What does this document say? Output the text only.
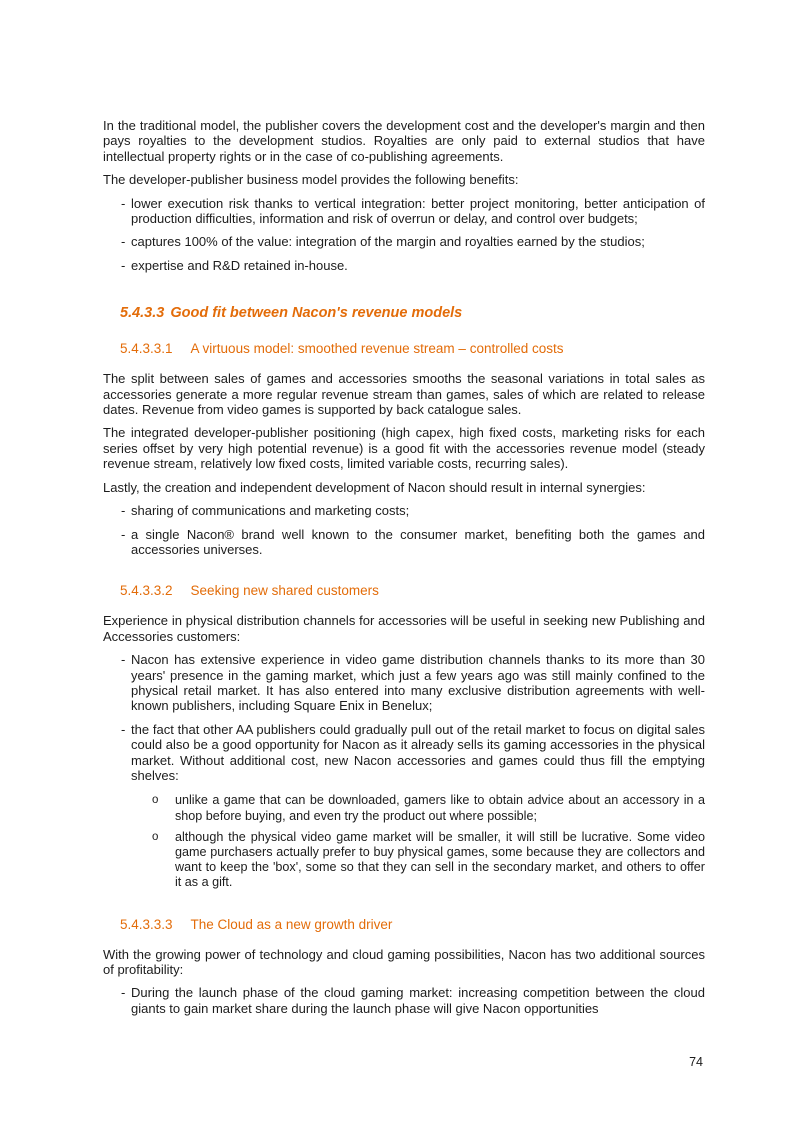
In the traditional model, the publisher covers the development cost and the developer's margin and then pays royalties to the development studios. Royalties are only paid to external studios that have intellectual property rights or in the case of co-publishing agreements.

The developer-publisher business model provides the following benefits:

- lower execution risk thanks to vertical integration: better project monitoring, better anticipation of production difficulties, information and risk of overrun or delay, and control over budgets;
- captures 100% of the value: integration of the margin and royalties earned by the studios;
- expertise and R&D retained in-house.
5.4.3.3 Good fit between Nacon's revenue models
5.4.3.3.1 A virtuous model: smoothed revenue stream – controlled costs

The split between sales of games and accessories smooths the seasonal variations in total sales as accessories generate a more regular revenue stream than games, sales of which are related to release dates. Revenue from video games is supported by back catalogue sales.

The integrated developer-publisher positioning (high capex, high fixed costs, marketing risks for each series offset by very high potential revenue) is a good fit with the accessories revenue model (steady revenue stream, relatively low fixed costs, limited variable costs, recurring sales).

Lastly, the creation and independent development of Nacon should result in internal synergies:

- sharing of communications and marketing costs;
- a single Nacon® brand well known to the consumer market, benefiting both the games and accessories universes.
5.4.3.3.2 Seeking new shared customers

Experience in physical distribution channels for accessories will be useful in seeking new Publishing and Accessories customers:

- Nacon has extensive experience in video game distribution channels thanks to its more than 30 years' presence in the gaming market, which just a few years ago was still mainly confined to the physical retail market. It has also entered into many exclusive distribution agreements with well-known publishers, including Square Enix in Benelux;
- the fact that other AA publishers could gradually pull out of the retail market to focus on digital sales could also be a good opportunity for Nacon as it already sells its gaming accessories in the physical market. Without additional cost, new Nacon accessories and games could thus fill the emptying shelves:
o	unlike a game that can be downloaded, gamers like to obtain advice about an accessory in a shop before buying, and even try the product out where possible;
o	although the physical video game market will be smaller, it will still be lucrative. Some video game purchasers actually prefer to buy physical games, some because they are collectors and want to keep the 'box', some so that they can sell in the secondary market, and others to offer it as a gift.
5.4.3.3.3 The Cloud as a new growth driver

With the growing power of technology and cloud gaming possibilities, Nacon has two additional sources of profitability:

- During the launch phase of the cloud gaming market: increasing competition between the cloud giants to gain market share during the launch phase will give Nacon opportunities
74
